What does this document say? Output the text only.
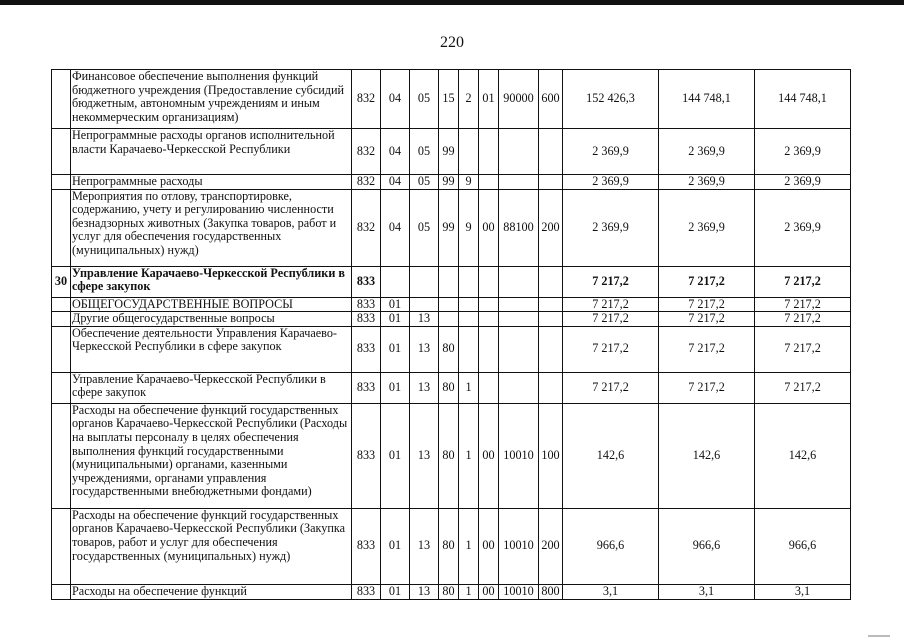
220
	Финансовое обеспечение выполнения функций бюджетного учреждения (Предоставление субсидий бюджетным, автономным учреждениям и иным некоммерческим организациям)	832	04	05	15	2	01	90000	600	152 426,3	144 748,1	144 748,1
	Непрограммные расходы органов исполнительной власти Карачаево-Черкесской Республики	832	04	05	99					2 369,9	2 369,9	2 369,9
	Непрограммные расходы	832	04	05	99	9				2 369,9	2 369,9	2 369,9
	Мероприятия по отлову, транспортировке, содержанию, учету и регулированию численности безнадзорных животных (Закупка товаров, работ и услуг для обеспечения государственных (муниципальных) нужд)	832	04	05	99	9	00	88100	200	2 369,9	2 369,9	2 369,9
30	Управление Карачаево-Черкесской Республики в сфере закупок	833								7 217,2	7 217,2	7 217,2
	ОБЩЕГОСУДАРСТВЕННЫЕ ВОПРОСЫ	833	01							7 217,2	7 217,2	7 217,2
	Другие общегосударственные вопросы	833	01	13						7 217,2	7 217,2	7 217,2
	Обеспечение деятельности Управления Карачаево-Черкесской Республики в сфере закупок	833	01	13	80					7 217,2	7 217,2	7 217,2
	Управление Карачаево-Черкесской Республики в сфере закупок	833	01	13	80	1				7 217,2	7 217,2	7 217,2
	Расходы на обеспечение функций государственных органов Карачаево-Черкесской Республики (Расходы на выплаты персоналу в целях обеспечения выполнения функций государственными (муниципальными) органами, казенными учреждениями, органами управления государственными внебюджетными фондами)	833	01	13	80	1	00	10010	100	142,6	142,6	142,6
	Расходы на обеспечение функций государственных органов Карачаево-Черкесской Республики (Закупка товаров, работ и услуг для обеспечения государственных (муниципальных) нужд)	833	01	13	80	1	00	10010	200	966,6	966,6	966,6
	Расходы на обеспечение функций	833	01	13	80	1	00	10010	800	3,1	3,1	3,1
